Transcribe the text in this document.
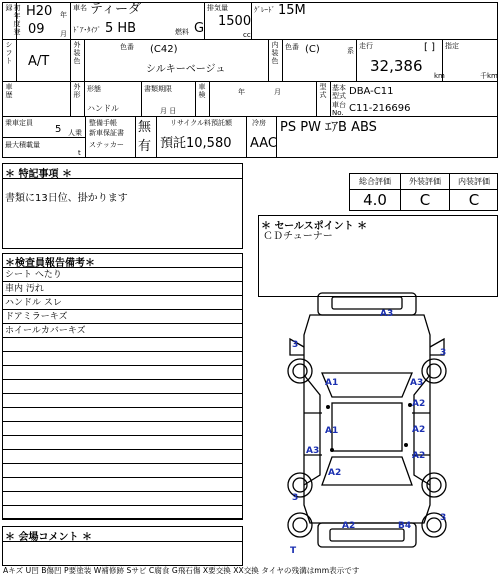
初年度登録	H20 年
09 月
車名 ティーダ
ﾄﾞｱ･ﾀｲﾌﾟ 5 HB	燃料 G
排気量
1500
cc
ｸﾞﾚｰﾄﾞ 15M
シフト A/T	外装色	色番 (C42)
シルキーベージュ
内装色 色番 (C)	系
走行	[ ]
32,386
km
指定
千km
車歴	外形 形態
ハンドル
書類期限
月 日
車検	年	月	型式 基本型式 DBA-C11
車台No. C11-216696
乗車定員
5 人乗
最大積載量
t
整備手帳
新車保証書
ステッカー
無
有
リサイクル料預託額
預託10,580
冷房
AAC
PS PW ｴｱB ABS
＊ 特記事項 ＊
書類に13日位、掛かります
総合評価	外装評価	内装評価
4.0	C	C
＊ セールスポイント ＊
ＣＤチューナー
＊検査員報告備考＊
シート へたり
車内 汚れ
ハンドル スレ
ドアミラーキズ
ホイールカバーキズ
＊ 会場コメント ＊
A3
3
3
A1	A3
A2
A2
A3
A1
A2
A2
3
3
A2	B4
T
Aキズ U凹 B傷凹 P要塗装 W補修跡 Sサビ C腐食 G飛石傷 X要交換 XX交換 タイヤの残溝はmm表示です
